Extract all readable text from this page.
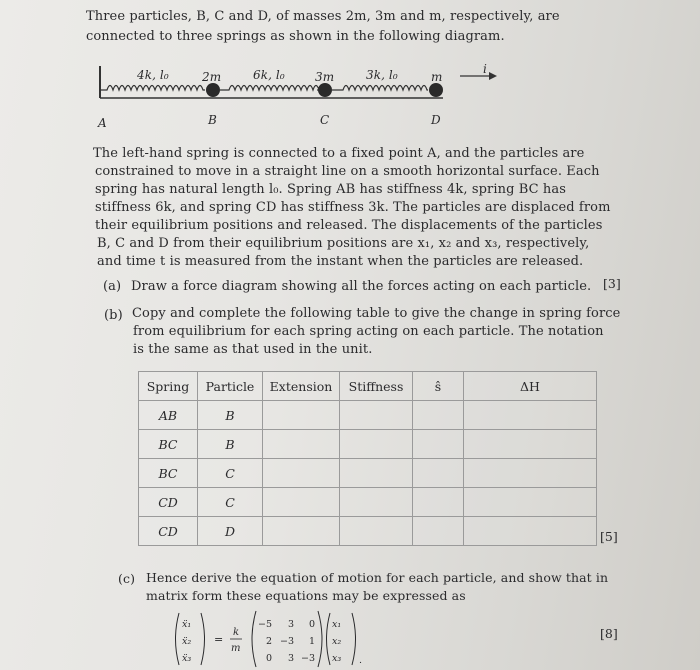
Three particles, B, C and D, of masses 2m, 3m and m, respectively, are
connected to three springs as shown in the following diagram.
4k, l₀	6k, l₀	3k, l₀
2m	3m	m
i
A	B	C	D
The left-hand spring is connected to a fixed point A, and the particles are
constrained to move in a straight line on a smooth horizontal surface. Each
spring has natural length l₀. Spring AB has stiffness 4k, spring BC has
stiffness 6k, and spring CD has stiffness 3k. The particles are displaced from
their equilibrium positions and released. The displacements of the particles
B, C and D from their equilibrium positions are x₁, x₂ and x₃, respectively,
and time t is measured from the instant when the particles are released.
(a) Draw a force diagram showing all the forces acting on each particle. [3]
(b) Copy and complete the following table to give the change in spring force
from equilibrium for each spring acting on each particle. The notation
is the same as that used in the unit.
Spring	Particle	Extension	Stiffness	ŝ	ΔH
AB	B				
BC	B				
BC	C				
CD	C				
CD	D					[5]
(c) Hence derive the equation of motion for each particle, and show that in
matrix form these equations may be expressed as
[8]
ẍ₁
ẍ₂
ẍ₃
=
k
m
−5 3 0
2 −3 1
0 3 −3
x₁
x₂
x₃ .
